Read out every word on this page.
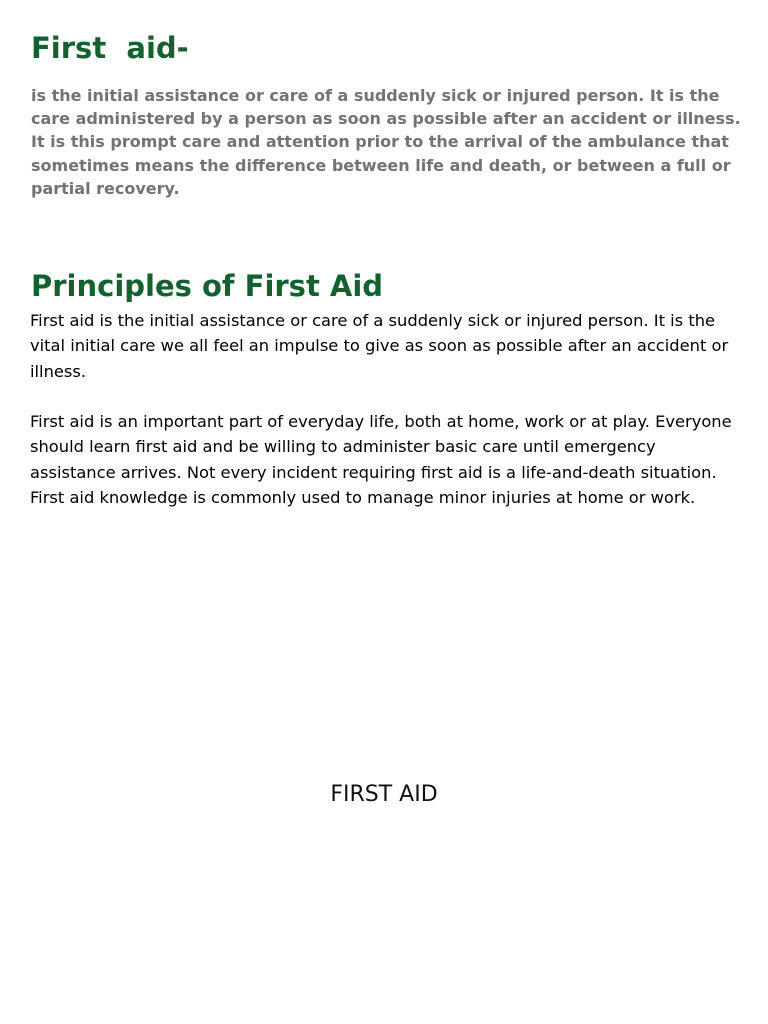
First  aid-

is the initial assistance or care of a suddenly sick or injured person. It is the care administered by a person as soon as possible after an accident or illness. It is this prompt care and attention prior to the arrival of the ambulance that sometimes means the difference between life and death, or between a full or partial recovery.

Principles of First Aid

First aid is the initial assistance or care of a suddenly sick or injured person. It is the vital initial care we all feel an impulse to give as soon as possible after an accident or illness.

First aid is an important part of everyday life, both at home, work or at play. Everyone should learn first aid and be willing to administer basic care until emergency assistance arrives. Not every incident requiring first aid is a life-and-death situation. First aid knowledge is commonly used to manage minor injuries at home or work.

FIRST AID
